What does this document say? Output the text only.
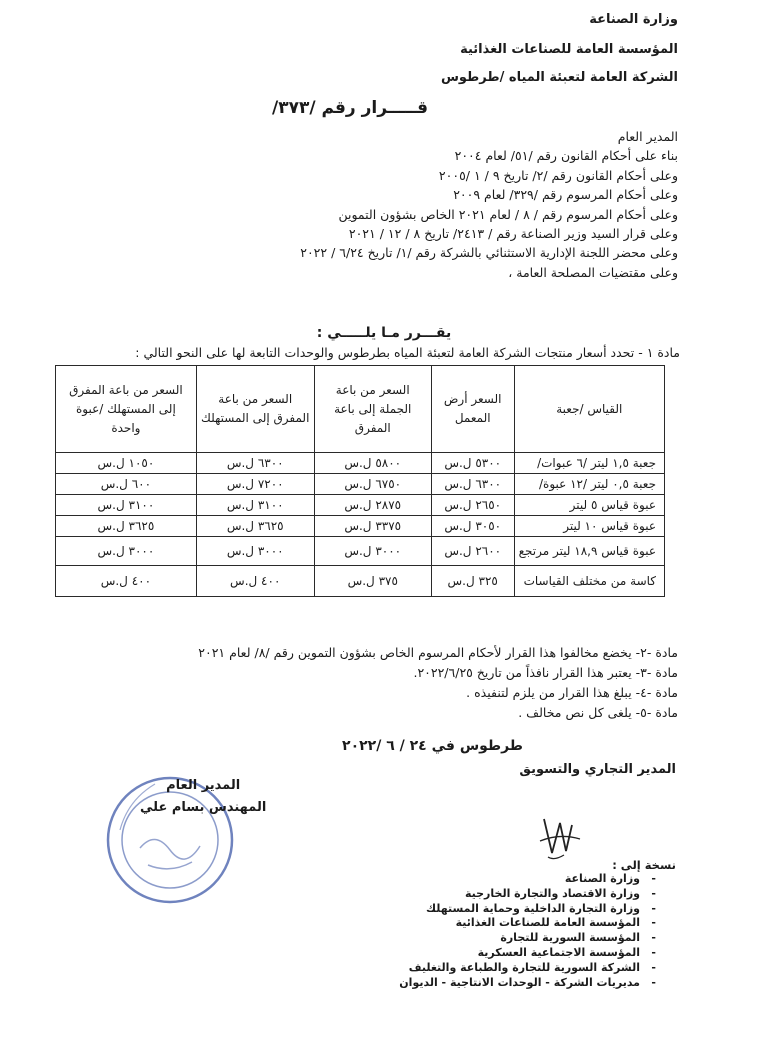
وزارة الصناعة
المؤسسة العامة للصناعات الغذائية
الشركة العامة لتعبئة المياه /طرطوس
قـــــرار رقم /٣٧٣/
المدير العام
بناء على أحكام القانون رقم /٥١/ لعام ٢٠٠٤
وعلى أحكام القانون رقم /٢/ تاريخ ٩ / ١ /٢٠٠٥
وعلى أحكام المرسوم رقم /٣٢٩/ لعام ٢٠٠٩
وعلى أحكام المرسوم رقم / ٨ / لعام ٢٠٢١ الخاص بشؤون التموين
وعلى قرار السيد وزير الصناعة رقم / ٢٤١٣/ تاريخ ٨ / ١٢ / ٢٠٢١
وعلى محضر اللجنة الإدارية الاستثنائي بالشركة رقم /١/ تاريخ ٦/٢٤ / ٢٠٢٢
وعلى مقتضيات المصلحة العامة ،
يقـــرر مـا يلـــــي :
مادة ١ - تحدد أسعار منتجات الشركة العامة لتعبئة المياه بطرطوس والوحدات التابعة لها على النحو التالي :
القياس /جعبة	السعر أرض المعمل	السعر من باعة الجملة إلى باعة المفرق	السعر من باعة المفرق إلى المستهلك	السعر من باعة المفرق إلى المستهلك /عبوة واحدة
جعبة ١,٥ ليتر /٦ عبوات/	٥٣٠٠ ل.س	٥٨٠٠ ل.س	٦٣٠٠ ل.س	١٠٥٠ ل.س
جعبة ٠,٥ ليتر /١٢ عبوة/	٦٣٠٠ ل.س	٦٧٥٠ ل.س	٧٢٠٠ ل.س	٦٠٠ ل.س
عبوة قياس ٥ ليتر	٢٦٥٠ ل.س	٢٨٧٥ ل.س	٣١٠٠ ل.س	٣١٠٠ ل.س
عبوة قياس ١٠ ليتر	٣٠٥٠ ل.س	٣٣٧٥ ل.س	٣٦٢٥ ل.س	٣٦٢٥ ل.س
عبوة قياس ١٨,٩ ليتر مرتجع	٢٦٠٠ ل.س	٣٠٠٠ ل.س	٣٠٠٠ ل.س	٣٠٠٠ ل.س
كاسة من مختلف القياسات	٣٢٥ ل.س	٣٧٥ ل.س	٤٠٠ ل.س	٤٠٠ ل.س
مادة -٢- يخضع مخالفوا هذا القرار لأحكام المرسوم الخاص بشؤون التموين رقم /٨/ لعام ٢٠٢١
مادة -٣- يعتبر هذا القرار نافذاً من تاريخ ٢٠٢٢/٦/٢٥.
مادة -٤- يبلغ هذا القرار من يلزم لتنفيذه .
مادة -٥- يلغى كل نص مخالف .
طرطوس في ٢٤ / ٦ /٢٠٢٢
المدير التجاري والتسويق
المدير العام
المهندس بسام علي
نسخة إلى :
- وزارة الصناعة
- وزارة الاقتصاد والتجارة الخارجية
- وزارة التجارة الداخلية وحماية المستهلك
- المؤسسة العامة للصناعات الغذائية
- المؤسسة السورية للتجارة
- المؤسسة الاجتماعية العسكرية
- الشركة السورية للتجارة والطباعة والتغليف
- مديريات الشركة - الوحدات الانتاجية - الديوان
